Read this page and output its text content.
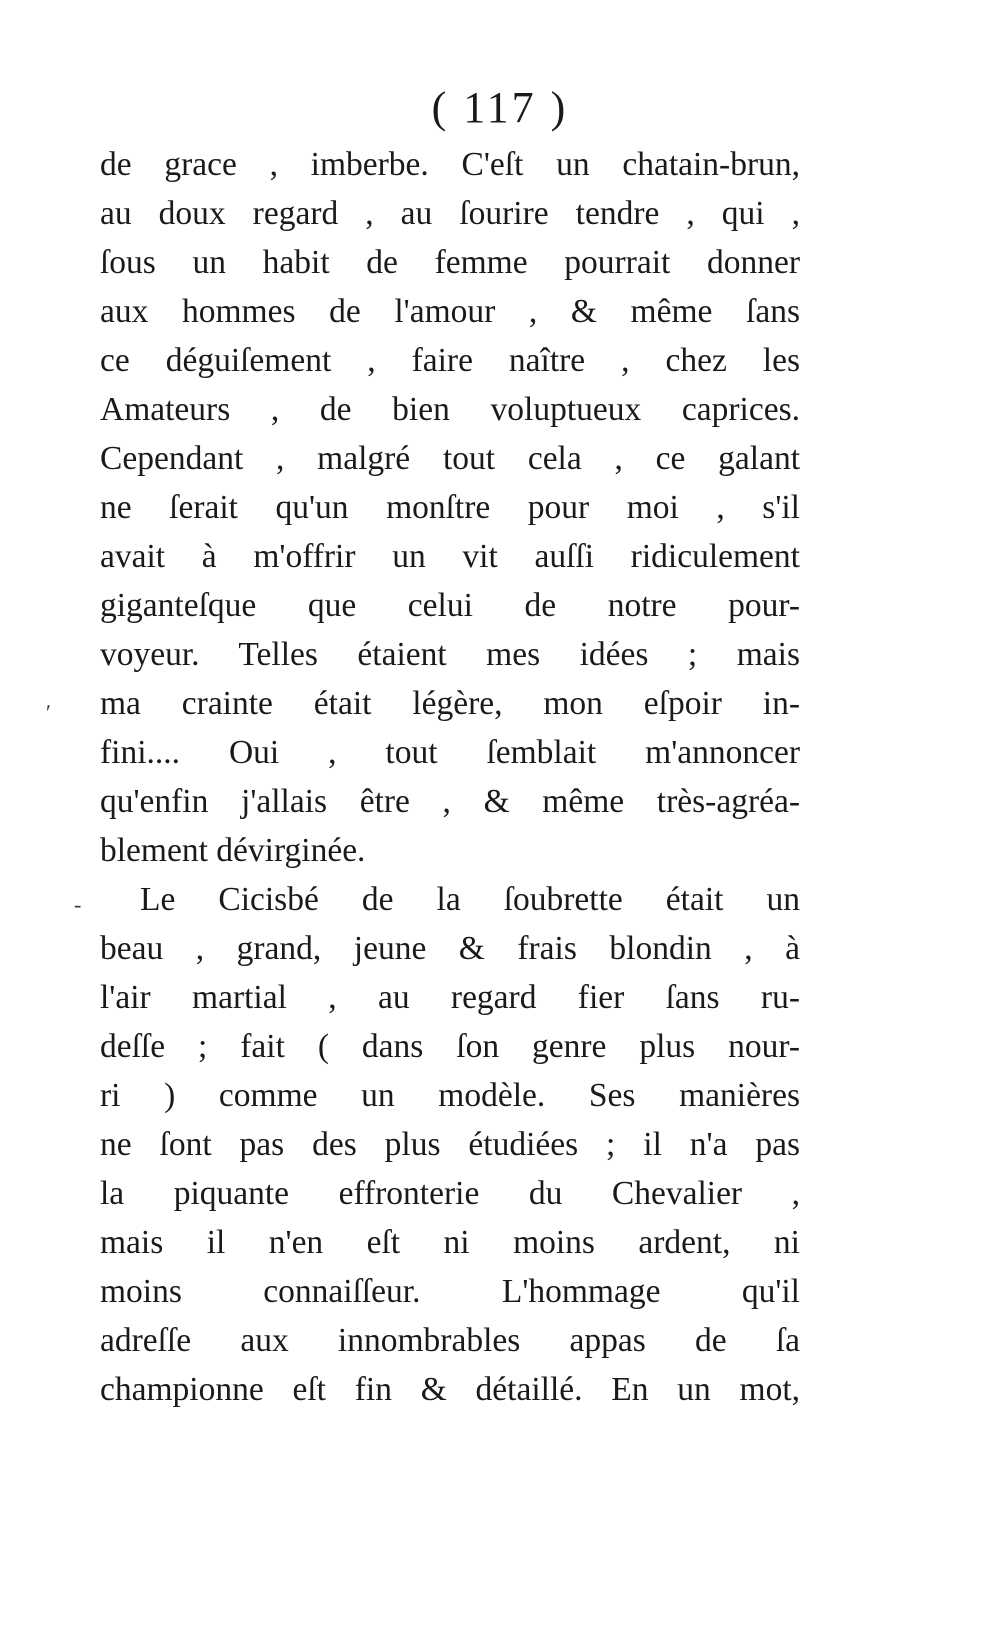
( 117 )
de grace , imberbe. C'eſt un chatain-brun,
au doux regard , au ſourire tendre , qui ,
ſous un habit de femme pourrait donner
aux hommes de l'amour , & même ſans
ce déguiſement , faire naître , chez les
Amateurs , de bien voluptueux caprices.
Cependant , malgré tout cela , ce galant
ne ſerait qu'un monſtre pour moi , s'il
avait à m'offrir un vit auſſi ridiculement
giganteſque que celui de notre pour-
voyeur. Telles étaient mes idées ; mais
ma crainte était légère, mon eſpoir in-
fini.... Oui , tout ſemblait m'annoncer
qu'enfin j'allais être , & même très-agréa-
blement dévirginée.
Le Cicisbé de la ſoubrette était un
beau , grand, jeune & frais blondin , à
l'air martial , au regard fier ſans ru-
deſſe ; fait ( dans ſon genre plus nour-
ri ) comme un modèle. Ses manières
ne ſont pas des plus étudiées ; il n'a pas
la piquante effronterie du Chevalier ,
mais il n'en eſt ni moins ardent, ni
moins connaiſſeur. L'hommage qu'il
adreſſe aux innombrables appas de ſa
championne eſt fin & détaillé. En un mot,
ʹ
-
